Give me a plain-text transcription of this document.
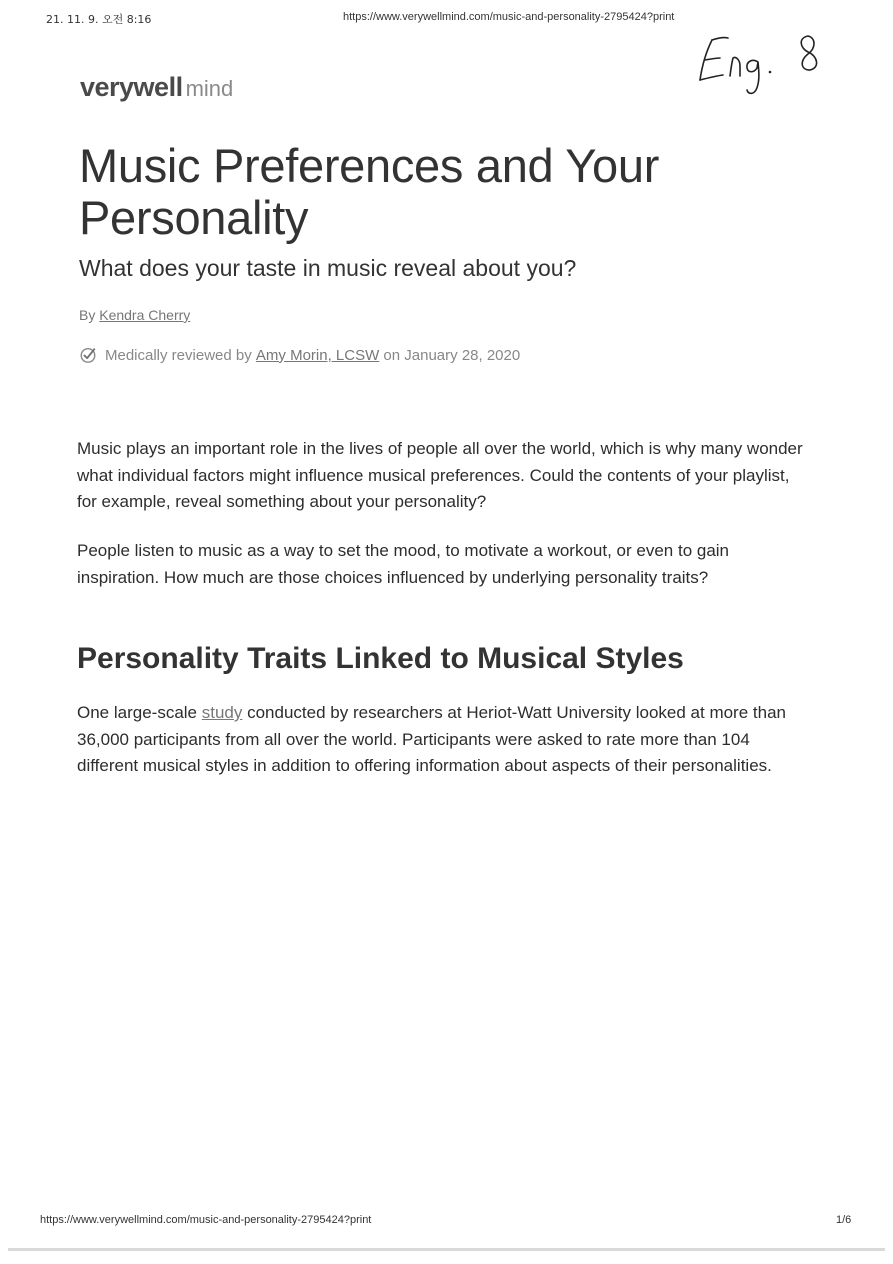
21. 11. 9. 오전 8:16	https://www.verywellmind.com/music-and-personality-2795424?print
verywell mind
Music Preferences and Your Personality
What does your taste in music reveal about you?
By Kendra Cherry
Medically reviewed by Amy Morin, LCSW on January 28, 2020

Music plays an important role in the lives of people all over the world, which is why many wonder what individual factors might influence musical preferences. Could the contents of your playlist, for example, reveal something about your personality?

People listen to music as a way to set the mood, to motivate a workout, or even to gain inspiration. How much are those choices influenced by underlying personality traits?

Personality Traits Linked to Musical Styles

One large-scale study conducted by researchers at Heriot-Watt University looked at more than 36,000 participants from all over the world. Participants were asked to rate more than 104 different musical styles in addition to offering information about aspects of their personalities.

https://www.verywellmind.com/music-and-personality-2795424?print	1/6
